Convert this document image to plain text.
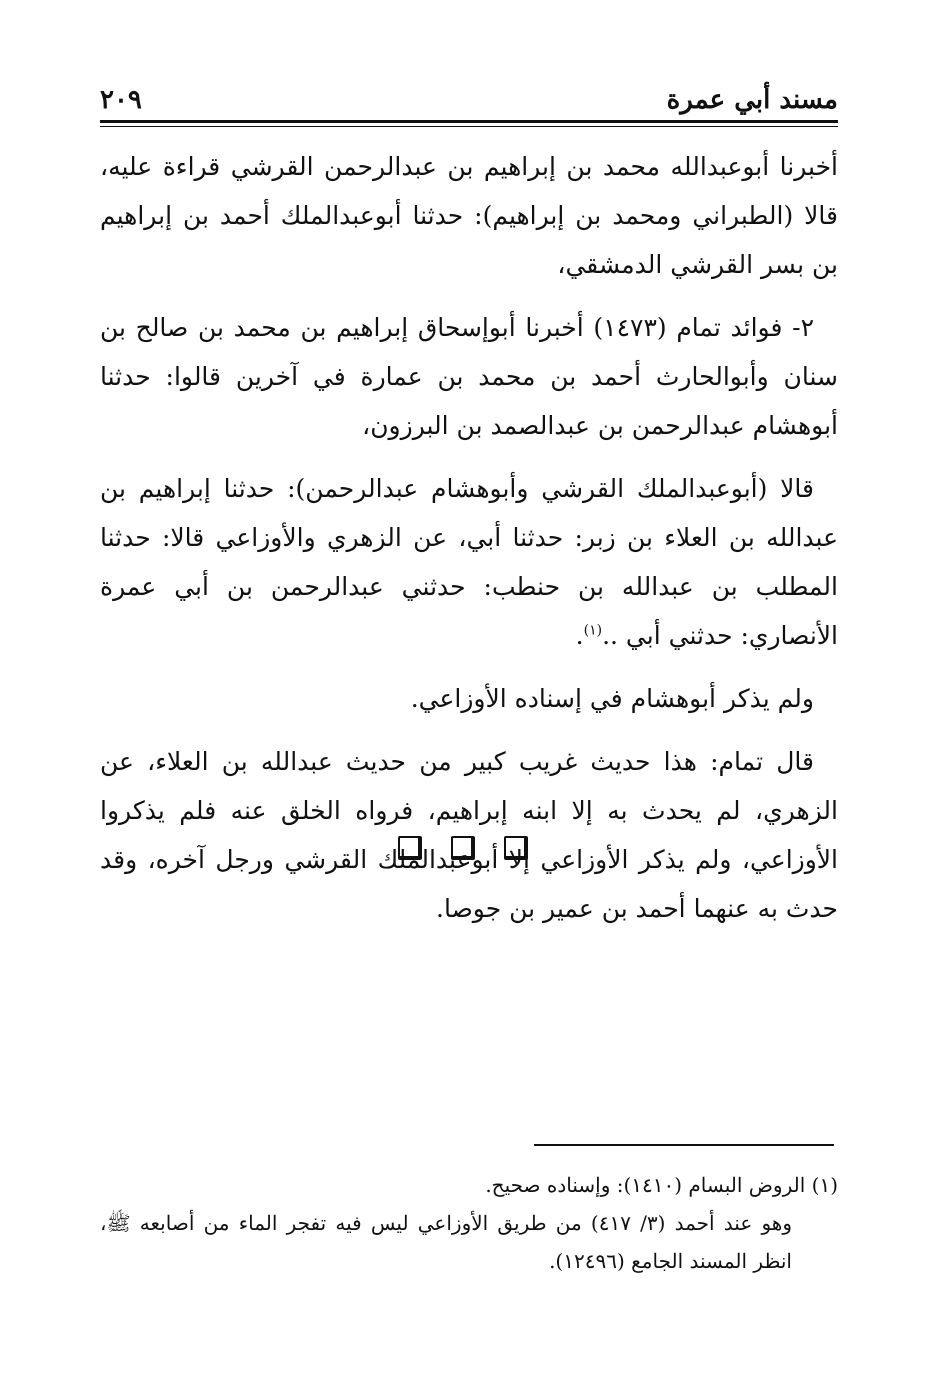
مسند أبي عمرة
٢٠٩

أخبرنا أبوعبدالله محمد بن إبراهيم بن عبدالرحمن القرشي قراءة عليه، قالا (الطبراني ومحمد بن إبراهيم): حدثنا أبوعبدالملك أحمد بن إبراهيم بن بسر القرشي الدمشقي،

٢- فوائد تمام (١٤٧٣) أخبرنا أبوإسحاق إبراهيم بن محمد بن صالح بن سنان وأبوالحارث أحمد بن محمد بن عمارة في آخرين قالوا: حدثنا أبوهشام عبدالرحمن بن عبدالصمد بن البرزون،

قالا (أبوعبدالملك القرشي وأبوهشام عبدالرحمن): حدثنا إبراهيم بن عبدالله بن العلاء بن زبر: حدثنا أبي، عن الزهري والأوزاعي قالا: حدثنا المطلب بن عبدالله بن حنطب: حدثني عبدالرحمن بن أبي عمرة الأنصاري: حدثني أبي ..$^{(١)}$.

ولم يذكر أبوهشام في إسناده الأوزاعي.

قال تمام: هذا حديث غريب كبير من حديث عبدالله بن العلاء، عن الزهري، لم يحدث به إلا ابنه إبراهيم، فرواه الخلق عنه فلم يذكروا الأوزاعي، ولم يذكر الأوزاعي إلا أبوعبدالملك القرشي ورجل آخره، وقد حدث به عنهما أحمد بن عمير بن جوصا.

(١) الروض البسام (١٤١٠): وإسناده صحيح.

وهو عند أحمد (٣/ ٤١٧) من طريق الأوزاعي ليس فيه تفجر الماء من أصابعه ﷺ، انظر المسند الجامع (١٢٤٩٦).
